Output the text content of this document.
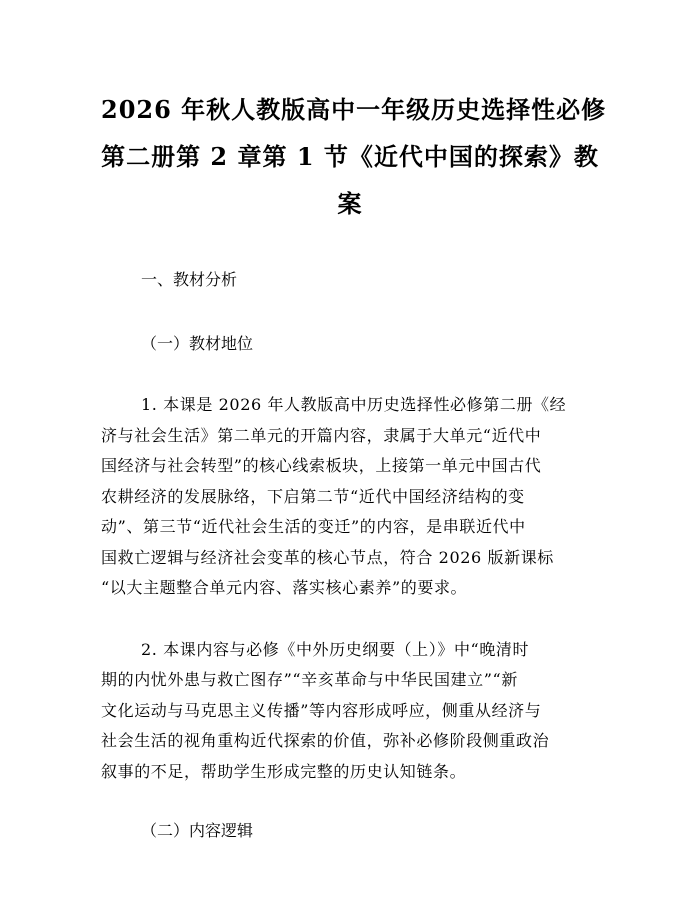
2026 年秋人教版高中一年级历史选择性必修
第二册第 2 章第 1 节《近代中国的探索》教
案

一、教材分析

（一）教材地位

1. 本课是 2026 年人教版高中历史选择性必修第二册《经
济与社会生活》第二单元的开篇内容，隶属于大单元“近代中
国经济与社会转型”的核心线索板块，上接第一单元中国古代
农耕经济的发展脉络，下启第二节“近代中国经济结构的变
动”、第三节“近代社会生活的变迁”的内容，是串联近代中
国救亡逻辑与经济社会变革的核心节点，符合 2026 版新课标
“以大主题整合单元内容、落实核心素养”的要求。

2. 本课内容与必修《中外历史纲要（上）》中“晚清时
期的内忧外患与救亡图存”“辛亥革命与中华民国建立”“新
文化运动与马克思主义传播”等内容形成呼应，侧重从经济与
社会生活的视角重构近代探索的价值，弥补必修阶段侧重政治
叙事的不足，帮助学生形成完整的历史认知链条。

（二）内容逻辑
